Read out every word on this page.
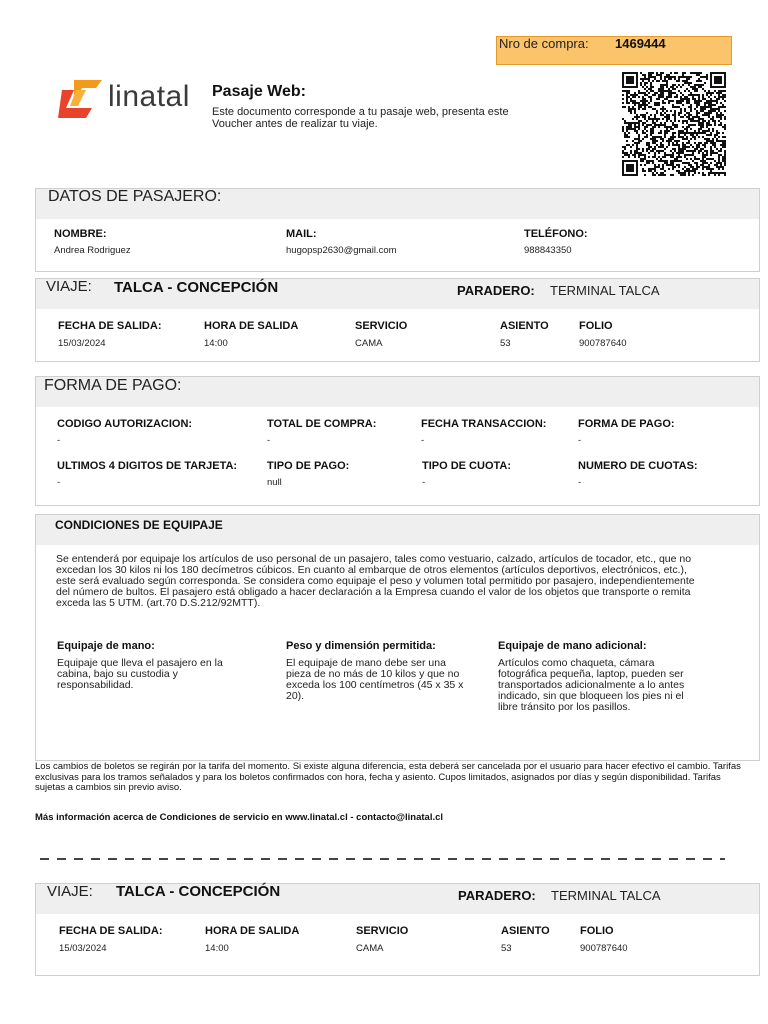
Nro de compra: 1469444
linatal Pasaje Web:
Este documento corresponde a tu pasaje web, presenta este Voucher antes de realizar tu viaje.
DATOS DE PASAJERO:
NOMBRE:
Andrea Rodriguez
MAIL:
hugopsp2630@gmail.com
TELÉFONO:
988843350
VIAJE: TALCA - CONCEPCIÓN	PARADERO: TERMINAL TALCA
FECHA DE SALIDA:
15/03/2024
HORA DE SALIDA
14:00
SERVICIO
CAMA
ASIENTO
53
FOLIO
900787640
FORMA DE PAGO:
CODIGO AUTORIZACION:
-
TOTAL DE COMPRA:
-
FECHA TRANSACCION:
-
FORMA DE PAGO:
-
ULTIMOS 4 DIGITOS DE TARJETA:
-
TIPO DE PAGO:
null
TIPO DE CUOTA:
-
NUMERO DE CUOTAS:
-
CONDICIONES DE EQUIPAJE
Se entenderá por equipaje los artículos de uso personal de un pasajero, tales como vestuario, calzado, artículos de tocador, etc., que no excedan los 30 kilos ni los 180 decímetros cúbicos. En cuanto al embarque de otros elementos (artículos deportivos, electrónicos, etc.), este será evaluado según corresponda. Se considera como equipaje el peso y volumen total permitido por pasajero, independientemente del número de bultos. El pasajero está obligado a hacer declaración a la Empresa cuando el valor de los objetos que transporte o remita exceda las 5 UTM. (art.70 D.S.212/92MTT).
Equipaje de mano:
Equipaje que lleva el pasajero en la cabina, bajo su custodia y responsabilidad.
Peso y dimensión permitida:
El equipaje de mano debe ser una pieza de no más de 10 kilos y que no exceda los 100 centímetros (45 x 35 x 20).
Equipaje de mano adicional:
Artículos como chaqueta, cámara fotográfica pequeña, laptop, pueden ser transportados adicionalmente a lo antes indicado, sin que bloqueen los pies ni el libre tránsito por los pasillos.
Los cambios de boletos se regirán por la tarifa del momento. Si existe alguna diferencia, esta deberá ser cancelada por el usuario para hacer efectivo el cambio. Tarifas exclusivas para los tramos señalados y para los boletos confirmados con hora, fecha y asiento. Cupos limitados, asignados por días y según disponibilidad. Tarifas sujetas a cambios sin previo aviso.
Más información acerca de Condiciones de servicio en www.linatal.cl - contacto@linatal.cl
VIAJE: TALCA - CONCEPCIÓN	PARADERO: TERMINAL TALCA
FECHA DE SALIDA:
15/03/2024
HORA DE SALIDA
14:00
SERVICIO
CAMA
ASIENTO
53
FOLIO
900787640
